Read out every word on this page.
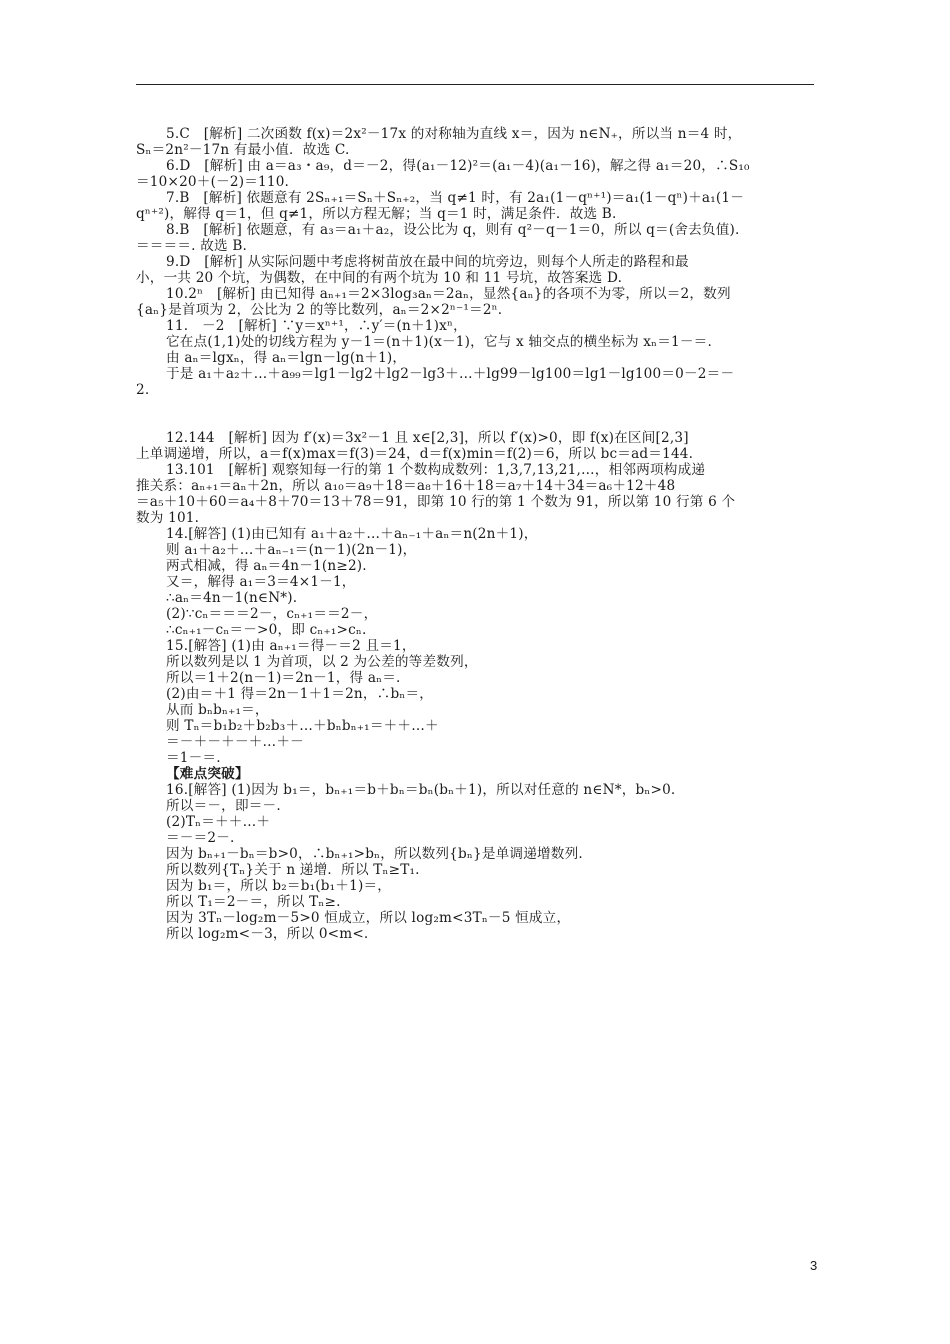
5.C　[解析] 二次函数 f(x)＝2x²－17x 的对称轴为直线 x＝，因为 n∈N₊，所以当 n＝4 时，
Sₙ＝2n²－17n 有最小值．故选 C.
6.D　[解析] 由 a＝a₃・a₉，d＝－2，得(a₁－12)²＝(a₁－4)(a₁－16)，解之得 a₁＝20，∴S₁₀
＝10×20＋(－2)＝110.
7.B　[解析] 依题意有 2Sₙ₊₁＝Sₙ＋Sₙ₊₂，当 q≠1 时，有 2a₁(1－qⁿ⁺¹)＝a₁(1－qⁿ)＋a₁(1－
qⁿ⁺²)，解得 q＝1，但 q≠1，所以方程无解；当 q＝1 时，满足条件．故选 B.
8.B　[解析] 依题意，有 a₃＝a₁＋a₂，设公比为 q，则有 q²－q－1＝0，所以 q＝(舍去负值).
＝＝＝＝. 故选 B.
9.D　[解析] 从实际问题中考虑将树苗放在最中间的坑旁边，则每个人所走的路程和最
小，一共 20 个坑，为偶数，在中间的有两个坑为 10 和 11 号坑，故答案选 D.
10.2ⁿ　[解析] 由已知得 aₙ₊₁＝2×3log₃aₙ＝2aₙ，显然{aₙ}的各项不为零，所以＝2，数列
{aₙ}是首项为 2，公比为 2 的等比数列，aₙ＝2×2ⁿ⁻¹＝2ⁿ.
11.　－2　[解析] ∵y＝xⁿ⁺¹，∴y′＝(n＋1)xⁿ，
它在点(1,1)处的切线方程为 y－1＝(n＋1)(x－1)，它与 x 轴交点的横坐标为 xₙ＝1－＝.
由 aₙ＝lgxₙ，得 aₙ＝lgn－lg(n＋1)，
于是 a₁＋a₂＋…＋a₉₉＝lg1－lg2＋lg2－lg3＋…＋lg99－lg100＝lg1－lg100＝0－2＝－
2.
12.144　[解析] 因为 f′(x)＝3x²－1 且 x∈[2,3]，所以 f′(x)>0，即 f(x)在区间[2,3]
上单调递增，所以，a＝f(x)max＝f(3)＝24，d＝f(x)min＝f(2)＝6，所以 bc＝ad＝144.
13.101　[解析] 观察知每一行的第 1 个数构成数列：1,3,7,13,21,…，相邻两项构成递
推关系：aₙ₊₁＝aₙ＋2n，所以 a₁₀＝a₉＋18＝a₈＋16＋18＝a₇＋14＋34＝a₆＋12＋48
＝a₅＋10＋60＝a₄＋8＋70＝13＋78＝91，即第 10 行的第 1 个数为 91，所以第 10 行第 6 个
数为 101.
14.[解答] (1)由已知有 a₁＋a₂＋…＋aₙ₋₁＋aₙ＝n(2n＋1)，
则 a₁＋a₂＋…＋aₙ₋₁＝(n－1)(2n－1)，
两式相减，得 aₙ＝4n－1(n≥2).
又＝，解得 a₁＝3＝4×1－1，
∴aₙ＝4n－1(n∈N*).
(2)∵cₙ＝＝＝2－，cₙ₊₁＝＝2－，
∴cₙ₊₁－cₙ＝－>0，即 cₙ₊₁>cₙ.
15.[解答] (1)由 aₙ₊₁＝得－＝2 且＝1，
所以数列是以 1 为首项，以 2 为公差的等差数列，
所以＝1＋2(n－1)＝2n－1，得 aₙ＝.
(2)由＝＋1 得＝2n－1＋1＝2n，∴bₙ＝，
从而 bₙbₙ₊₁＝，
则 Tₙ＝b₁b₂＋b₂b₃＋…＋bₙbₙ₊₁＝＋＋…＋
＝－＋－＋－＋…＋－
＝1－＝.
【难点突破】
16.[解答] (1)因为 b₁＝，bₙ₊₁＝b＋bₙ＝bₙ(bₙ＋1)，所以对任意的 n∈N*，bₙ>0.
所以＝－，即＝－.
(2)Tₙ＝＋＋…＋
＝－＝2－.
因为 bₙ₊₁－bₙ＝b>0，∴bₙ₊₁>bₙ，所以数列{bₙ}是单调递增数列.
所以数列{Tₙ}关于 n 递增．所以 Tₙ≥T₁.
因为 b₁＝，所以 b₂＝b₁(b₁＋1)＝，
所以 T₁＝2－＝，所以 Tₙ≥.
因为 3Tₙ－log₂m－5>0 恒成立，所以 log₂m<3Tₙ－5 恒成立，
所以 log₂m<－3，所以 0<m<.
3
